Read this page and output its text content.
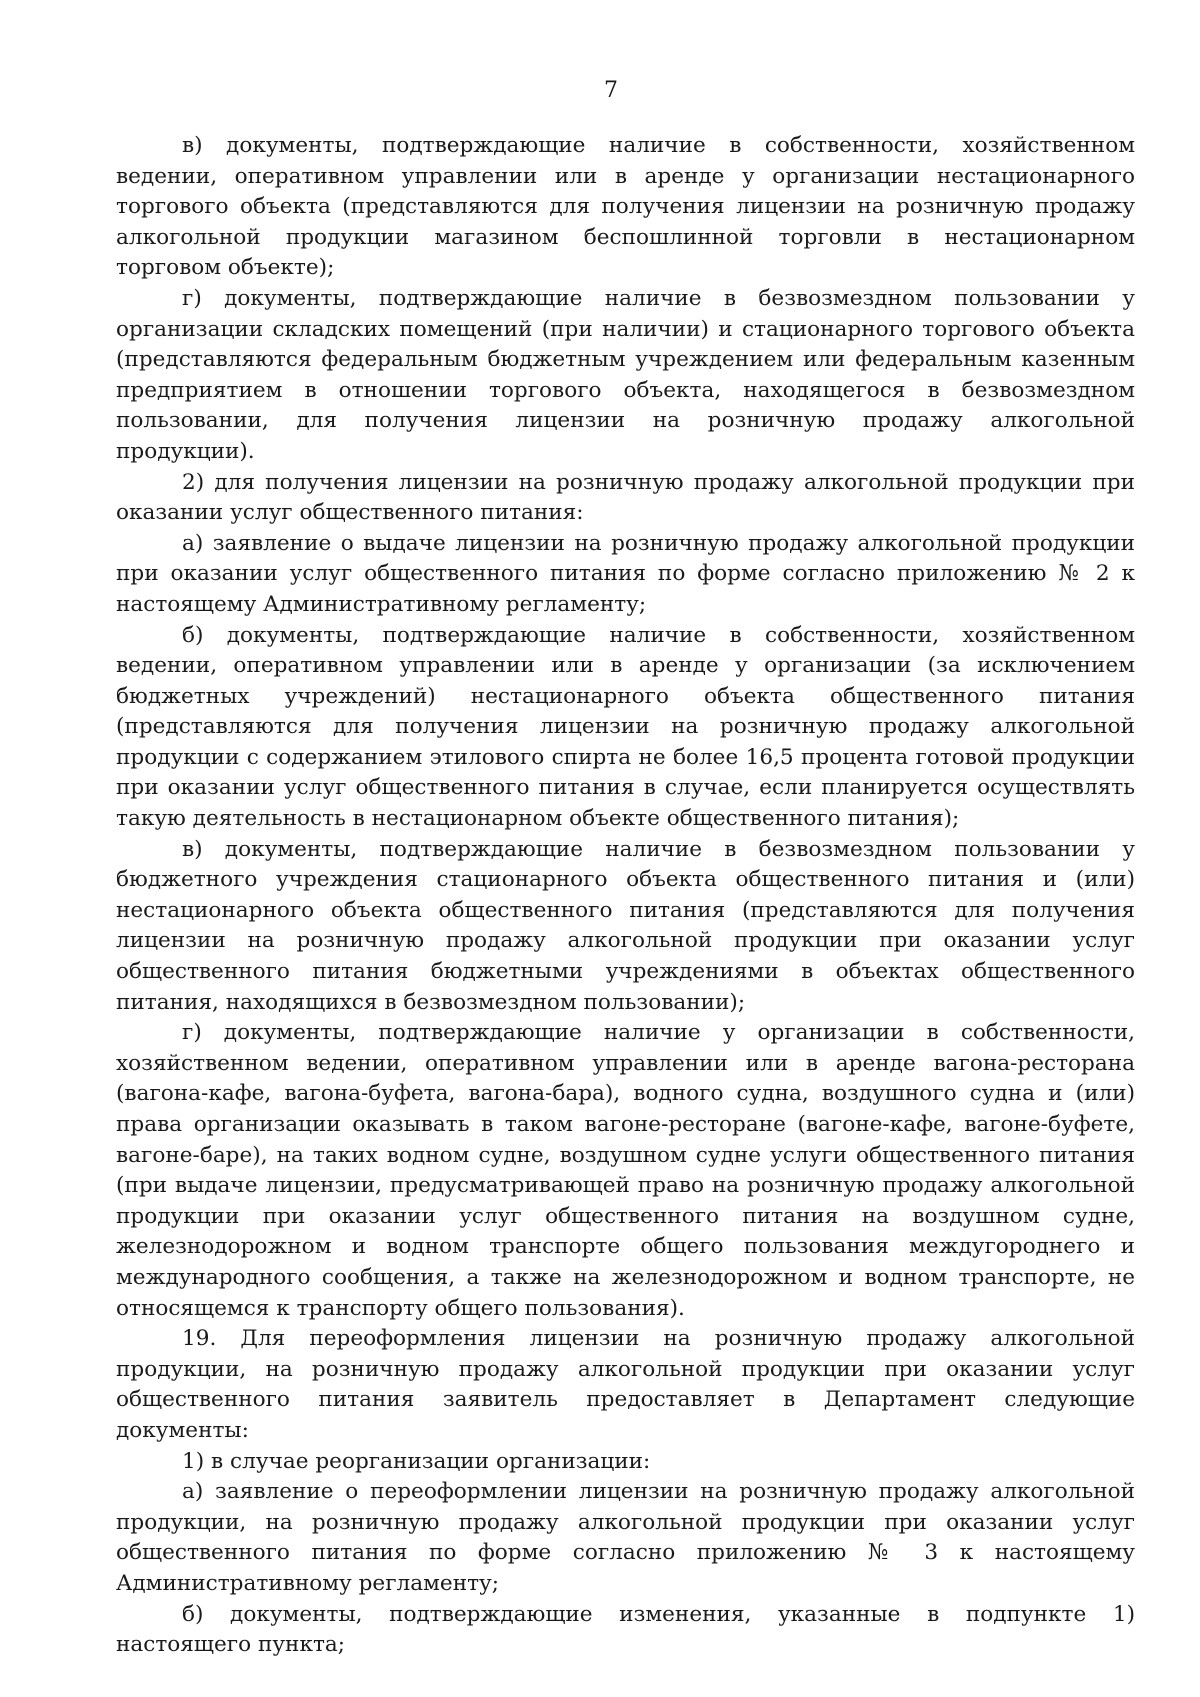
7

в) документы, подтверждающие наличие в собственности, хозяйственном ведении, оперативном управлении или в аренде у организации нестационарного торгового объекта (представляются для получения лицензии на розничную продажу алкогольной продукции магазином беспошлинной торговли в нестационарном торговом объекте);

г) документы, подтверждающие наличие в безвозмездном пользовании у организации складских помещений (при наличии) и стационарного торгового объекта (представляются федеральным бюджетным учреждением или федеральным казенным предприятием в отношении торгового объекта, находящегося в безвозмездном пользовании, для получения лицензии на розничную продажу алкогольной продукции).

2) для получения лицензии на розничную продажу алкогольной продукции при оказании услуг общественного питания:

а) заявление о выдаче лицензии на розничную продажу алкогольной продукции при оказании услуг общественного питания по форме согласно приложению № 2 к настоящему Административному регламенту;

б) документы, подтверждающие наличие в собственности, хозяйственном ведении, оперативном управлении или в аренде у организации (за исключением бюджетных учреждений) нестационарного объекта общественного питания (представляются для получения лицензии на розничную продажу алкогольной продукции с содержанием этилового спирта не более 16,5 процента готовой продукции при оказании услуг общественного питания в случае, если планируется осуществлять такую деятельность в нестационарном объекте общественного питания);

в) документы, подтверждающие наличие в безвозмездном пользовании у бюджетного учреждения стационарного объекта общественного питания и (или) нестационарного объекта общественного питания (представляются для получения лицензии на розничную продажу алкогольной продукции при оказании услуг общественного питания бюджетными учреждениями в объектах общественного питания, находящихся в безвозмездном пользовании);

г) документы, подтверждающие наличие у организации в собственности, хозяйственном ведении, оперативном управлении или в аренде вагона-ресторана (вагона-кафе, вагона-буфета, вагона-бара), водного судна, воздушного судна и (или) права организации оказывать в таком вагоне-ресторане (вагоне-кафе, вагоне-буфете, вагоне-баре), на таких водном судне, воздушном судне услуги общественного питания (при выдаче лицензии, предусматривающей право на розничную продажу алкогольной продукции при оказании услуг общественного питания на воздушном судне, железнодорожном и водном транспорте общего пользования междугороднего и международного сообщения, а также на железнодорожном и водном транспорте, не относящемся к транспорту общего пользования).

19. Для переоформления лицензии на розничную продажу алкогольной продукции, на розничную продажу алкогольной продукции при оказании услуг общественного питания заявитель предоставляет в Департамент следующие документы:

1) в случае реорганизации организации:

а) заявление о переоформлении лицензии на розничную продажу алкогольной продукции, на розничную продажу алкогольной продукции при оказании услуг общественного питания по форме согласно приложению № 3 к настоящему Административному регламенту;

б) документы, подтверждающие изменения, указанные в подпункте 1) настоящего пункта;
